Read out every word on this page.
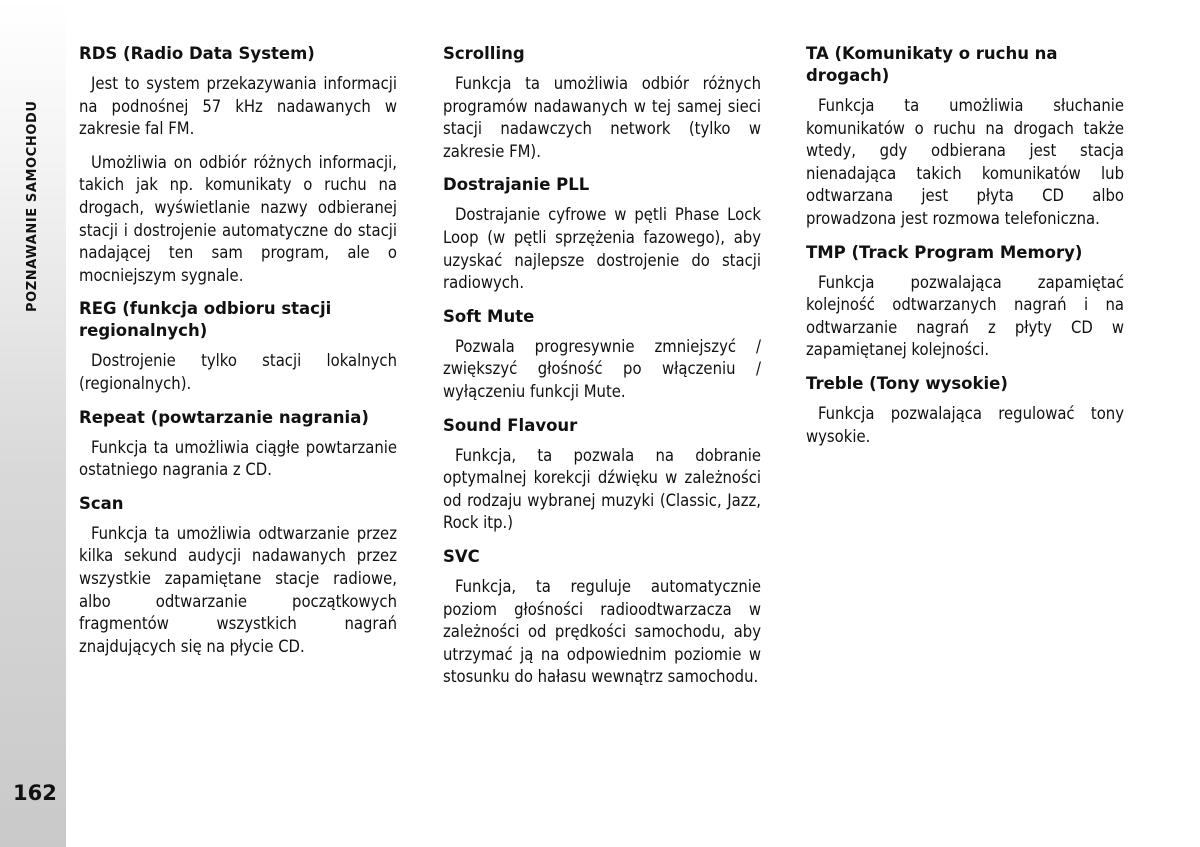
POZNAWANIE SAMOCHODU
162
RDS (Radio Data System)

Jest to system przekazywania informacji na podnośnej 57 kHz nadawanych w zakresie fal FM.

Umożliwia on odbiór różnych informacji, takich jak np. komunikaty o ruchu na drogach, wyświetlanie nazwy odbieranej stacji i dostrojenie automatyczne do stacji nadającej ten sam program, ale o mocniejszym sygnale.

REG (funkcja odbioru stacji regionalnych)

Dostrojenie tylko stacji lokalnych (regionalnych).

Repeat (powtarzanie nagrania)

Funkcja ta umożliwia ciągłe powtarzanie ostatniego nagrania z CD.

Scan

Funkcja ta umożliwia odtwarzanie przez kilka sekund audycji nadawanych przez wszystkie zapamiętane stacje radiowe, albo odtwarzanie początkowych fragmentów wszystkich nagrań znajdujących się na płycie CD.

Scrolling

Funkcja ta umożliwia odbiór różnych programów nadawanych w tej samej sieci stacji nadawczych network (tylko w zakresie FM).

Dostrajanie PLL

Dostrajanie cyfrowe w pętli Phase Lock Loop (w pętli sprzężenia fazowego), aby uzyskać najlepsze dostrojenie do stacji radiowych.

Soft Mute

Pozwala progresywnie zmniejszyć / zwiększyć głośność po włączeniu / wyłączeniu funkcji Mute.

Sound Flavour

Funkcja, ta pozwala na dobranie optymalnej korekcji dźwięku w zależności od rodzaju wybranej muzyki (Classic, Jazz, Rock itp.)

SVC

Funkcja, ta reguluje automatycznie poziom głośności radioodtwarzacza w zależności od prędkości samochodu, aby utrzymać ją na odpowiednim poziomie w stosunku do hałasu wewnątrz samochodu.

TA (Komunikaty o ruchu na drogach)

Funkcja ta umożliwia słuchanie komunikatów o ruchu na drogach także wtedy, gdy odbierana jest stacja nienadająca takich komunikatów lub odtwarzana jest płyta CD albo prowadzona jest rozmowa telefoniczna.

TMP (Track Program Memory)

Funkcja pozwalająca zapamiętać kolejność odtwarzanych nagrań i na odtwarzanie nagrań z płyty CD w zapamiętanej kolejności.

Treble (Tony wysokie)

Funkcja pozwalająca regulować tony wysokie.
